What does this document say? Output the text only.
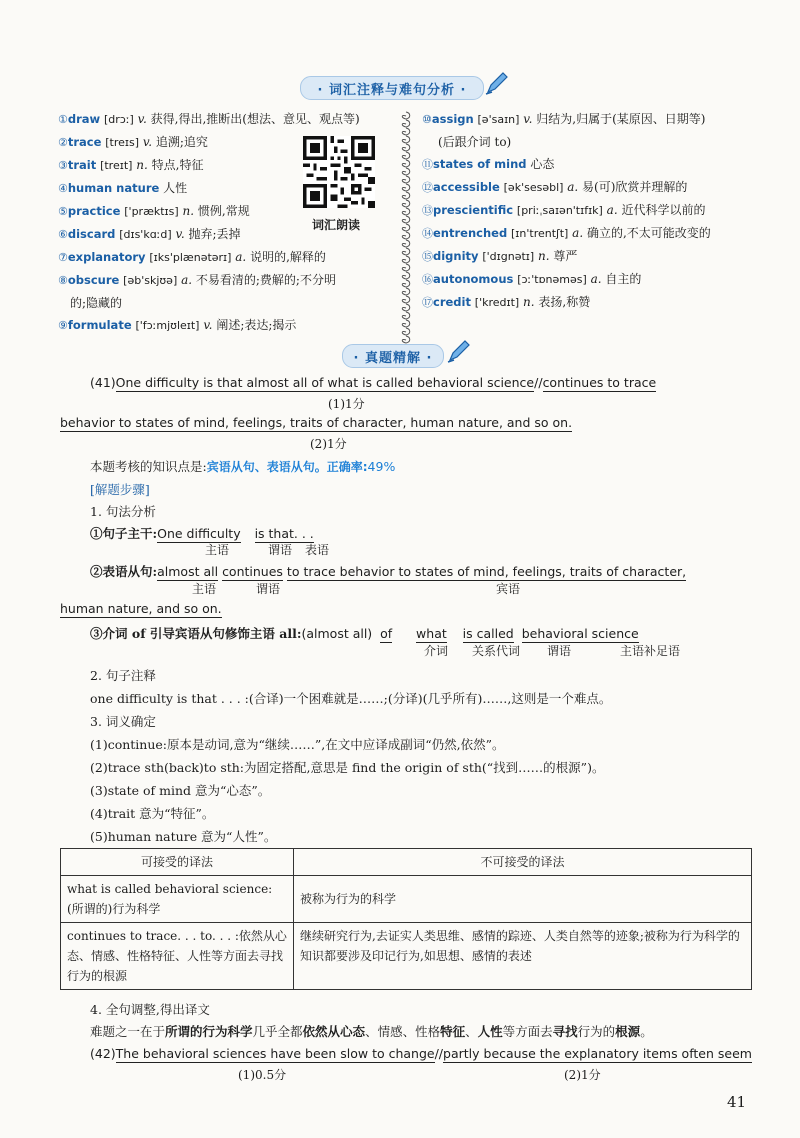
· 词汇注释与难句分析 ·
①draw [drɔː] v. 获得,得出,推断出(想法、意见、观点等)
②trace [treɪs] v. 追溯;追究
③trait [treɪt] n. 特点,特征
④human nature 人性
⑤practice ['præktɪs] n. 惯例,常规
⑥discard [dɪs'kɑːd] v. 抛弃;丢掉
⑦explanatory [ɪks'plænətərɪ] a. 说明的,解释的
⑧obscure [əb'skjʊə] a. 不易看清的;费解的;不分明
的;隐藏的
⑨formulate ['fɔːmjʊleɪt] v. 阐述;表达;揭示
词汇朗读
⑩assign [ə'saɪn] v. 归结为,归属于(某原因、日期等)
(后跟介词 to)
⑪states of mind 心态
⑫accessible [ək'sesəbl] a. 易(可)欣赏并理解的
⑬prescientific [priːˌsaɪən'tɪfɪk] a. 近代科学以前的
⑭entrenched [ɪn'trentʃt] a. 确立的,不太可能改变的
⑮dignity ['dɪgnətɪ] n. 尊严
⑯autonomous [ɔː'tɒnəməs] a. 自主的
⑰credit ['kredɪt] n. 表扬,称赞
· 真题精解 ·
(41)One difficulty is that almost all of what is called behavioral science//continues to trace
(1)1分
behavior to states of mind, feelings, traits of character, human nature, and so on.
(2)1分
本题考核的知识点是:宾语从句、表语从句。正确率:49%
[解题步骤]
1. 句法分析
①句子主干:One difficulty is that. . .
主语	谓语 表语
②表语从句:almost all continues to trace behavior to states of mind, feelings, traits of character,
主语	谓语	宾语
human nature, and so on.
③介词 of 引导宾语从句修饰主语 all:(almost all) of what is called behavioral science
介词 关系代词 谓语	主语补足语
2. 句子注释
one difficulty is that . . . :(合译)一个困难就是……;(分译)(几乎所有)……,这则是一个难点。
3. 词义确定
(1)continue:原本是动词,意为“继续……”,在文中应译成副词“仍然,依然”。
(2)trace sth(back)to sth:为固定搭配,意思是 find the origin of sth(“找到……的根源”)。
(3)state of mind 意为“心态”。
(4)trait 意为“特征”。
(5)human nature 意为“人性”。
可接受的译法	不可接受的译法
what is called behavioral science: (所谓的)行为科学	被称为行为的科学
continues to trace. . . to. . . :依然从心态、情感、性格特征、人性等方面去寻找行为的根源	继续研究行为,去证实人类思维、感情的踪迹、人类自然等的迹象;被称为行为科学的知识都要涉及印记行为,如思想、感情的表述
4. 全句调整,得出译文
难题之一在于所谓的行为科学几乎全都依然从心态、情感、性格特征、人性等方面去寻找行为的根源。
(42)The behavioral sciences have been slow to change//partly because the explanatory items often seem
(1)0.5分	(2)1分
41
